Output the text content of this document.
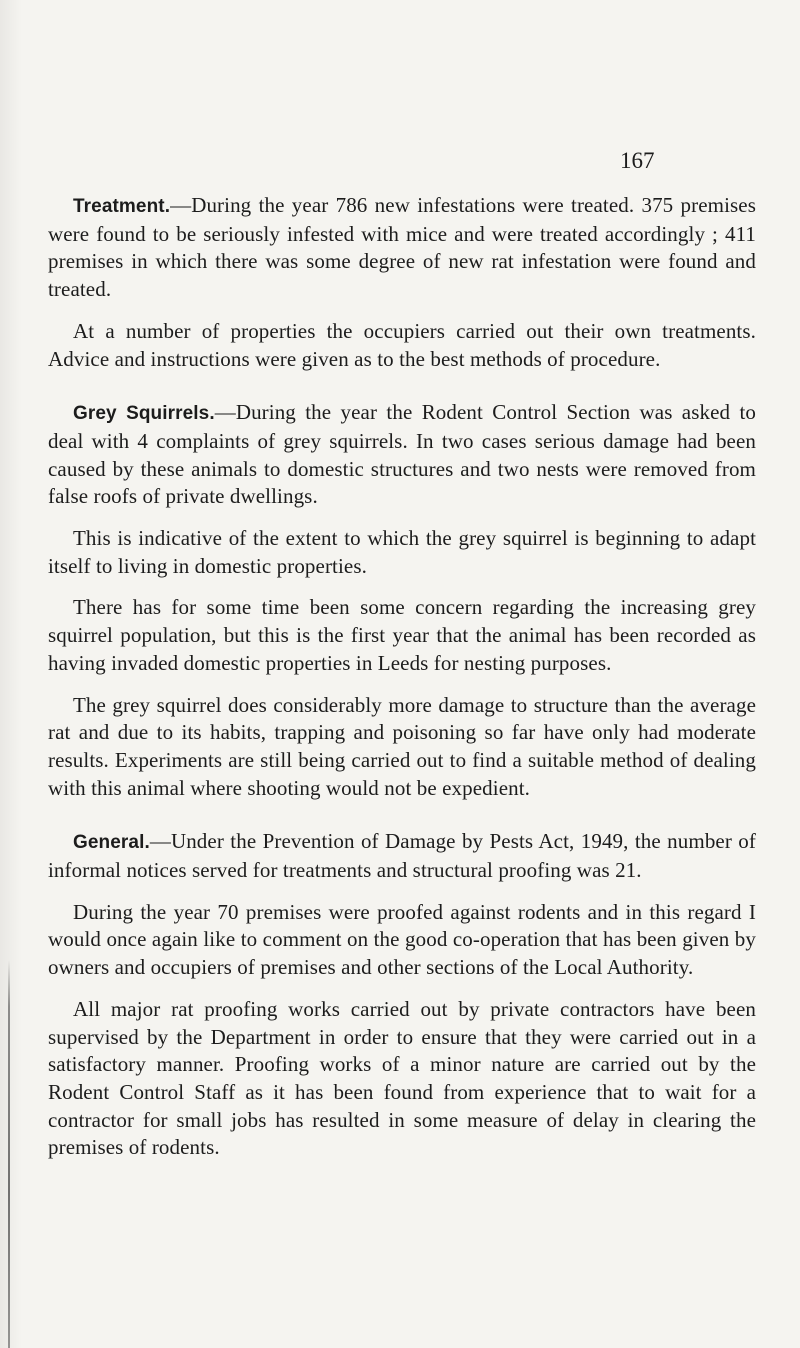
167

Treatment.—During the year 786 new infestations were treated. 375 premises were found to be seriously infested with mice and were treated accordingly ; 411 premises in which there was some degree of new rat infestation were found and treated.

At a number of properties the occupiers carried out their own treatments. Advice and instructions were given as to the best methods of procedure.

Grey Squirrels.—During the year the Rodent Control Section was asked to deal with 4 complaints of grey squirrels. In two cases serious damage had been caused by these animals to domestic structures and two nests were removed from false roofs of private dwellings.

This is indicative of the extent to which the grey squirrel is beginning to adapt itself to living in domestic properties.

There has for some time been some concern regarding the increasing grey squirrel population, but this is the first year that the animal has been recorded as having invaded domestic properties in Leeds for nesting purposes.

The grey squirrel does considerably more damage to structure than the average rat and due to its habits, trapping and poisoning so far have only had moderate results. Experiments are still being carried out to find a suitable method of dealing with this animal where shooting would not be expedient.

General.—Under the Prevention of Damage by Pests Act, 1949, the number of informal notices served for treatments and structural proofing was 21.

During the year 70 premises were proofed against rodents and in this regard I would once again like to comment on the good co-operation that has been given by owners and occupiers of premises and other sections of the Local Authority.

All major rat proofing works carried out by private contractors have been supervised by the Department in order to ensure that they were carried out in a satisfactory manner. Proofing works of a minor nature are carried out by the Rodent Control Staff as it has been found from experience that to wait for a contractor for small jobs has resulted in some measure of delay in clearing the premises of rodents.
